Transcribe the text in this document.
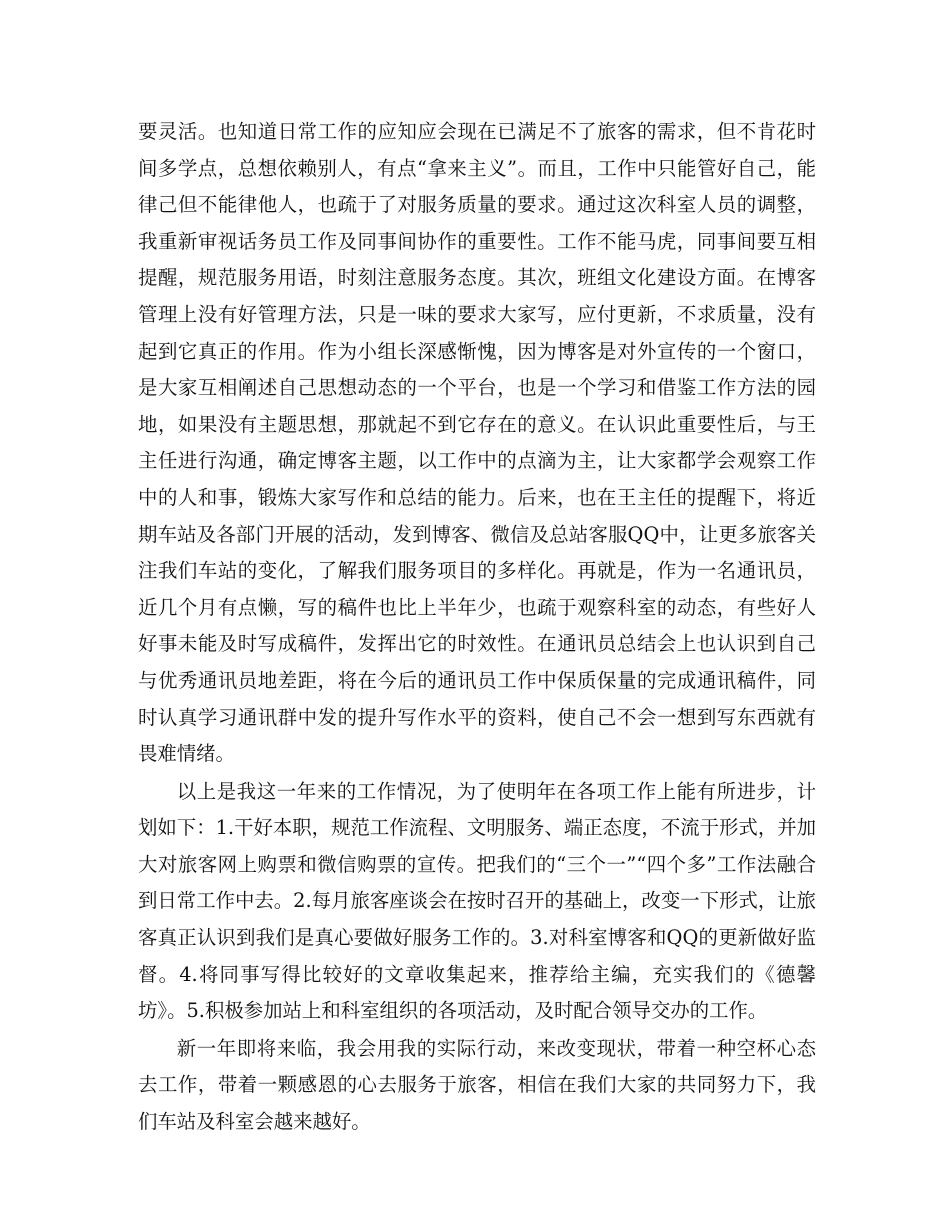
要灵活。也知道日常工作的应知应会现在已满足不了旅客的需求，但不肯花时间多学点，总想依赖别人，有点“拿来主义”。而且，工作中只能管好自己，能律己但不能律他人，也疏于了对服务质量的要求。通过这次科室人员的调整，我重新审视话务员工作及同事间协作的重要性。工作不能马虎，同事间要互相提醒，规范服务用语，时刻注意服务态度。其次，班组文化建设方面。在博客管理上没有好管理方法，只是一味的要求大家写，应付更新，不求质量，没有起到它真正的作用。作为小组长深感惭愧，因为博客是对外宣传的一个窗口，是大家互相阐述自己思想动态的一个平台，也是一个学习和借鉴工作方法的园地，如果没有主题思想，那就起不到它存在的意义。在认识此重要性后，与王主任进行沟通，确定博客主题，以工作中的点滴为主，让大家都学会观察工作中的人和事，锻炼大家写作和总结的能力。后来，也在王主任的提醒下，将近期车站及各部门开展的活动，发到博客、微信及总站客服QQ中，让更多旅客关注我们车站的变化，了解我们服务项目的多样化。再就是，作为一名通讯员，近几个月有点懒，写的稿件也比上半年少，也疏于观察科室的动态，有些好人好事未能及时写成稿件，发挥出它的时效性。在通讯员总结会上也认识到自己与优秀通讯员地差距，将在今后的通讯员工作中保质保量的完成通讯稿件，同时认真学习通讯群中发的提升写作水平的资料，使自己不会一想到写东西就有畏难情绪。

以上是我这一年来的工作情况，为了使明年在各项工作上能有所进步，计划如下：1.干好本职，规范工作流程、文明服务、端正态度，不流于形式，并加大对旅客网上购票和微信购票的宣传。把我们的“三个一”“四个多”工作法融合到日常工作中去。2.每月旅客座谈会在按时召开的基础上，改变一下形式，让旅客真正认识到我们是真心要做好服务工作的。3.对科室博客和QQ的更新做好监督。4.将同事写得比较好的文章收集起来，推荐给主编，充实我们的《德馨坊》。5.积极参加站上和科室组织的各项活动，及时配合领导交办的工作。

新一年即将来临，我会用我的实际行动，来改变现状，带着一种空杯心态去工作，带着一颗感恩的心去服务于旅客，相信在我们大家的共同努力下，我们车站及科室会越来越好。
